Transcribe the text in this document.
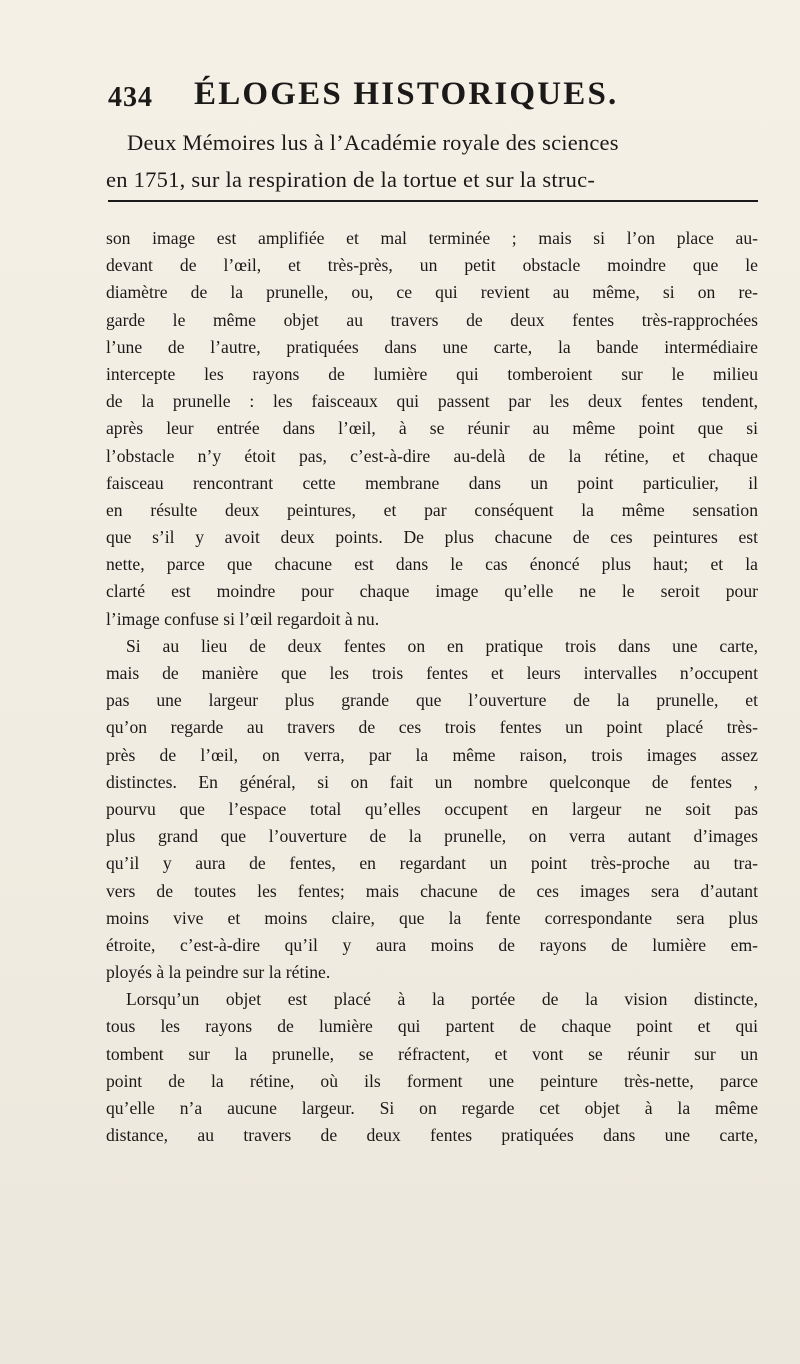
434 ÉLOGES HISTORIQUES.
Deux Mémoires lus à l’Académie royale des sciences
en 1751, sur la respiration de la tortue et sur la struc-
son image est amplifiée et mal terminée ; mais si l’on place au-
devant de l’œil, et très-près, un petit obstacle moindre que le
diamètre de la prunelle, ou, ce qui revient au même, si on re-
garde le même objet au travers de deux fentes très-rapprochées
l’une de l’autre, pratiquées dans une carte, la bande intermédiaire
intercepte les rayons de lumière qui tomberoient sur le milieu
de la prunelle : les faisceaux qui passent par les deux fentes tendent,
après leur entrée dans l’œil, à se réunir au même point que si
l’obstacle n’y étoit pas, c’est-à-dire au-delà de la rétine, et chaque
faisceau rencontrant cette membrane dans un point particulier, il
en résulte deux peintures, et par conséquent la même sensation
que s’il y avoit deux points. De plus chacune de ces peintures est
nette, parce que chacune est dans le cas énoncé plus haut; et la
clarté est moindre pour chaque image qu’elle ne le seroit pour
l’image confuse si l’œil regardoit à nu.
Si au lieu de deux fentes on en pratique trois dans une carte,
mais de manière que les trois fentes et leurs intervalles n’occupent
pas une largeur plus grande que l’ouverture de la prunelle, et
qu’on regarde au travers de ces trois fentes un point placé très-
près de l’œil, on verra, par la même raison, trois images assez
distinctes. En général, si on fait un nombre quelconque de fentes ,
pourvu que l’espace total qu’elles occupent en largeur ne soit pas
plus grand que l’ouverture de la prunelle, on verra autant d’images
qu’il y aura de fentes, en regardant un point très-proche au tra-
vers de toutes les fentes; mais chacune de ces images sera d’autant
moins vive et moins claire, que la fente correspondante sera plus
étroite, c’est-à-dire qu’il y aura moins de rayons de lumière em-
ployés à la peindre sur la rétine.
Lorsqu’un objet est placé à la portée de la vision distincte,
tous les rayons de lumière qui partent de chaque point et qui
tombent sur la prunelle, se réfractent, et vont se réunir sur un
point de la rétine, où ils forment une peinture très-nette, parce
qu’elle n’a aucune largeur. Si on regarde cet objet à la même
distance, au travers de deux fentes pratiquées dans une carte,
